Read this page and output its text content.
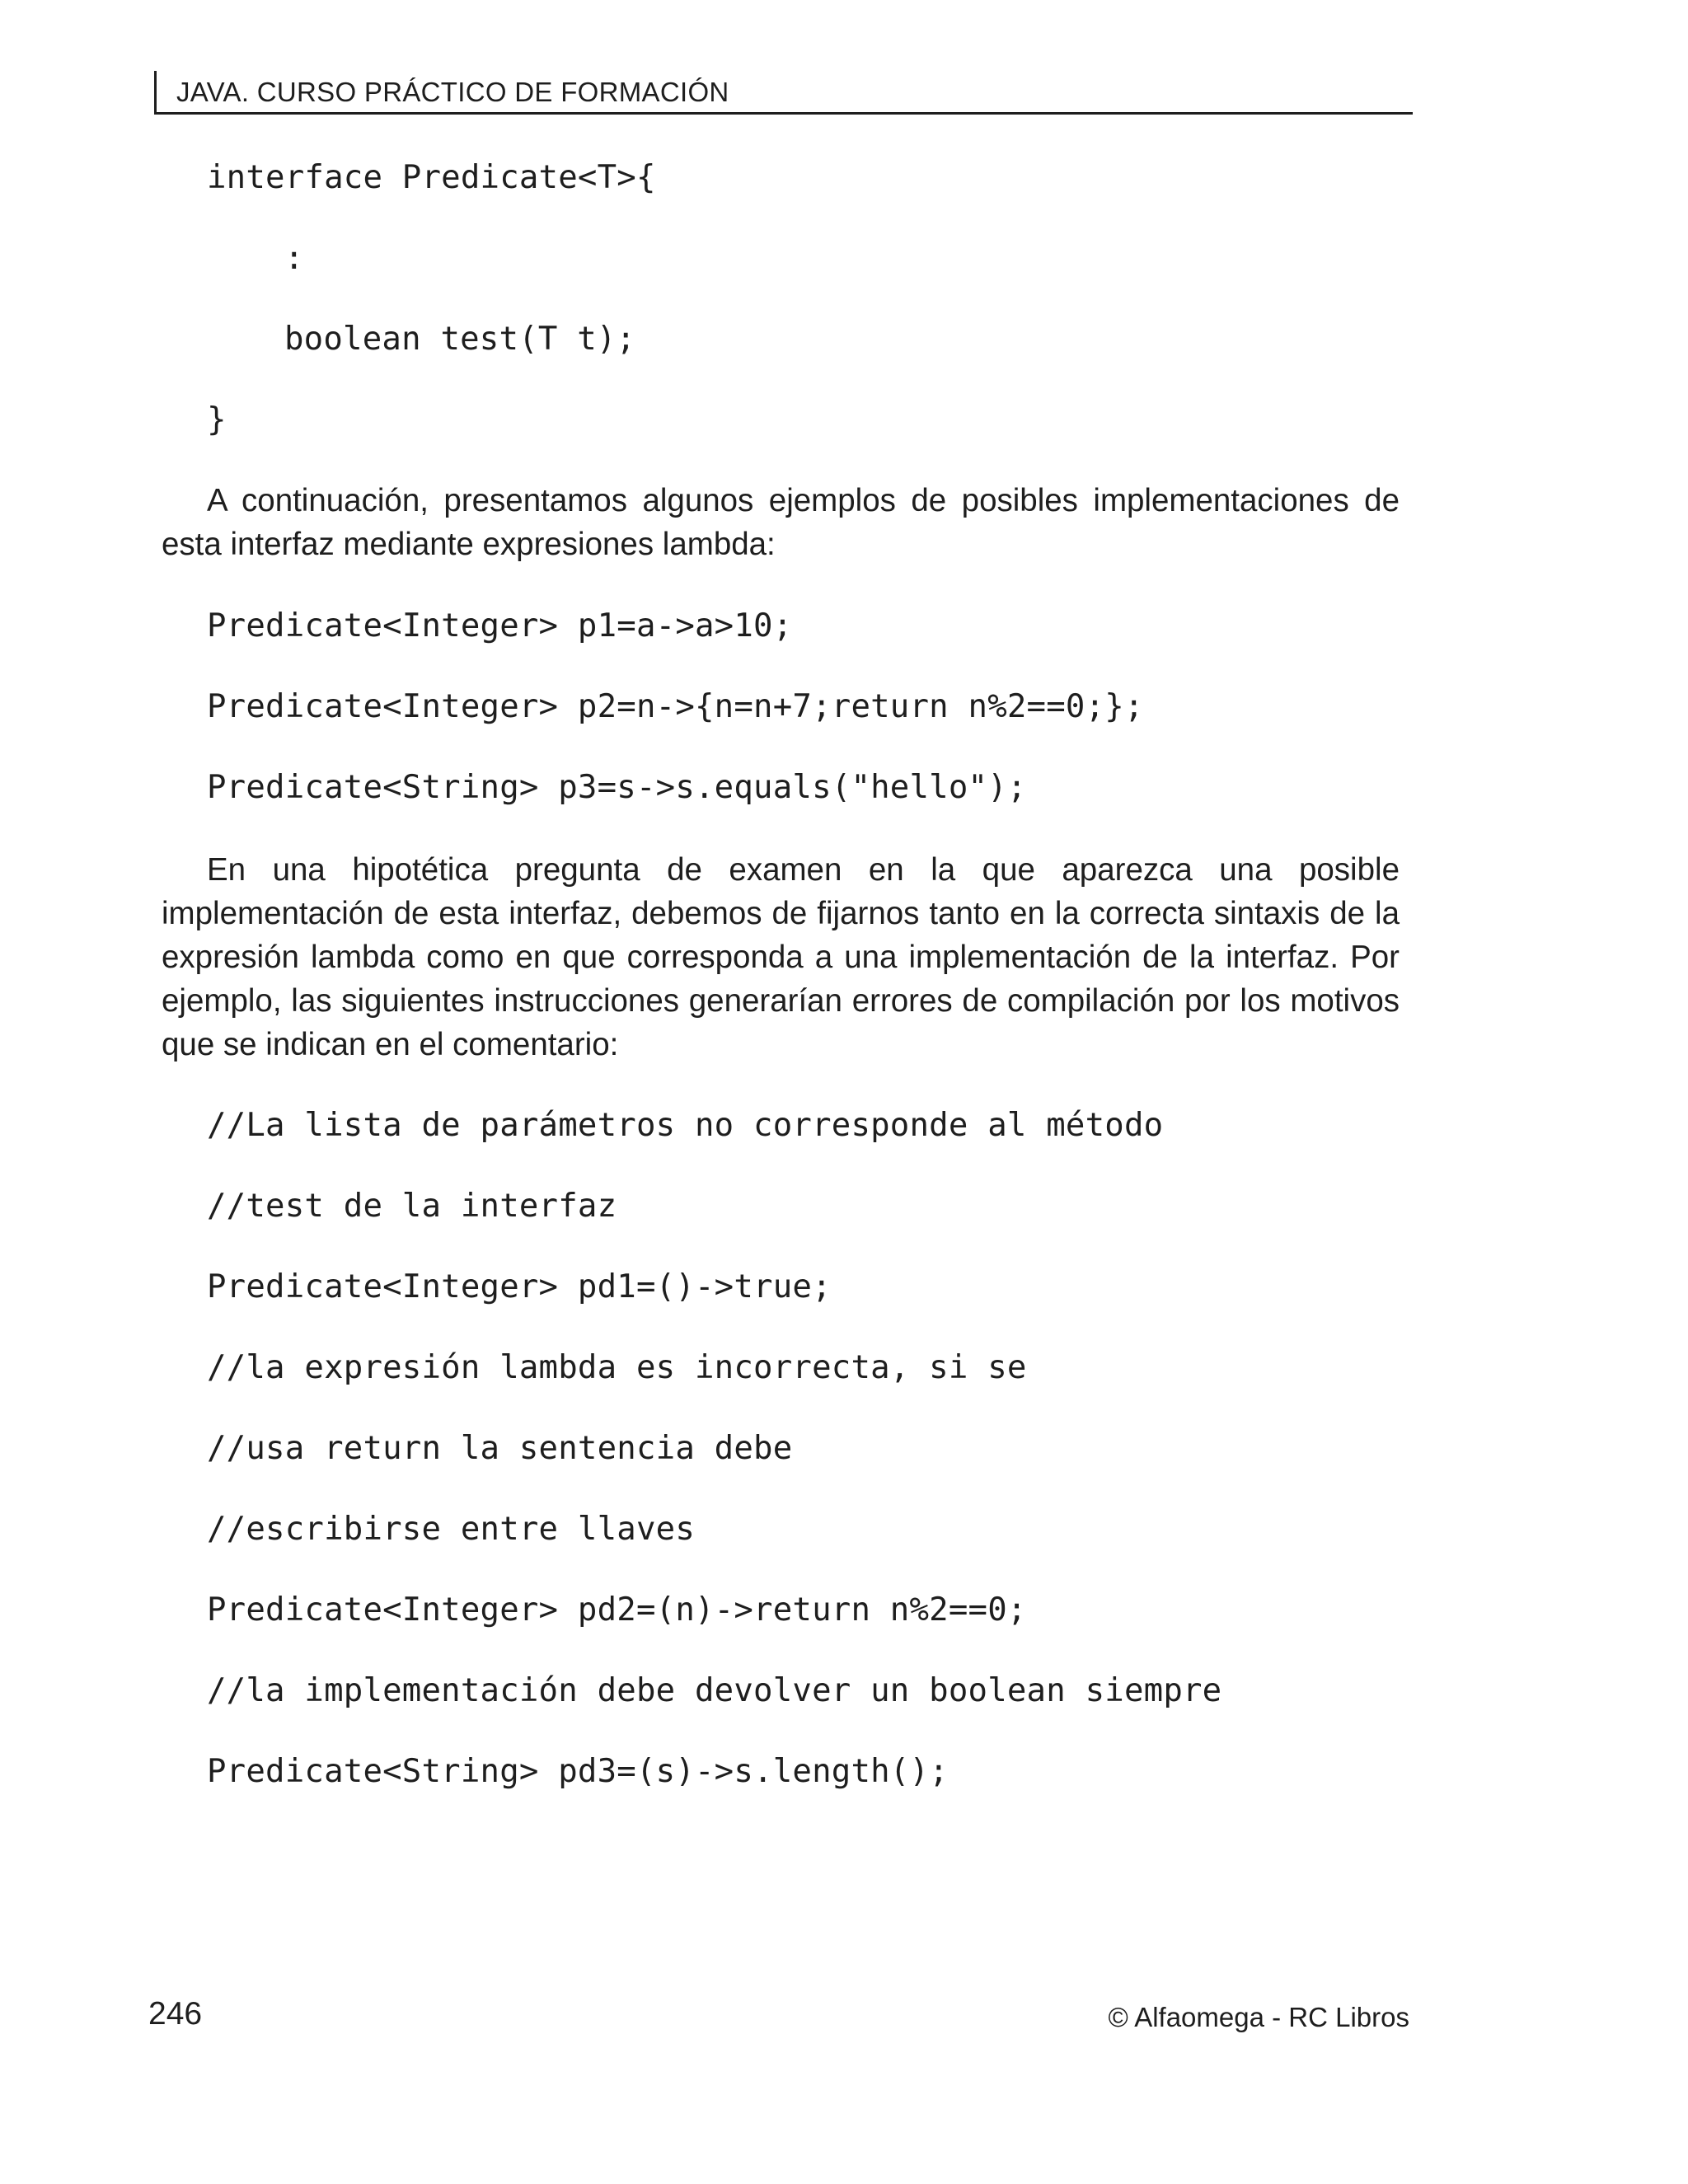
JAVA. CURSO PRÁCTICO DE FORMACIÓN
interface Predicate<T>{
:
boolean test(T t);
}

A continuación, presentamos algunos ejemplos de posibles implementaciones de esta interfaz mediante expresiones lambda:

Predicate<Integer> p1=a->a>10;
Predicate<Integer> p2=n->{n=n+7;return n%2==0;};
Predicate<String> p3=s->s.equals("hello");

En una hipotética pregunta de examen en la que aparezca una posible implementación de esta interfaz, debemos de fijarnos tanto en la correcta sintaxis de la expresión lambda como en que corresponda a una implementación de la interfaz. Por ejemplo, las siguientes instrucciones generarían errores de compilación por los motivos que se indican en el comentario:

//La lista de parámetros no corresponde al método
//test de la interfaz
Predicate<Integer> pd1=()->true;
//la expresión lambda es incorrecta, si se
//usa return la sentencia debe
//escribirse entre llaves
Predicate<Integer> pd2=(n)->return n%2==0;
//la implementación debe devolver un boolean siempre
Predicate<String> pd3=(s)->s.length();
246	© Alfaomega - RC Libros
